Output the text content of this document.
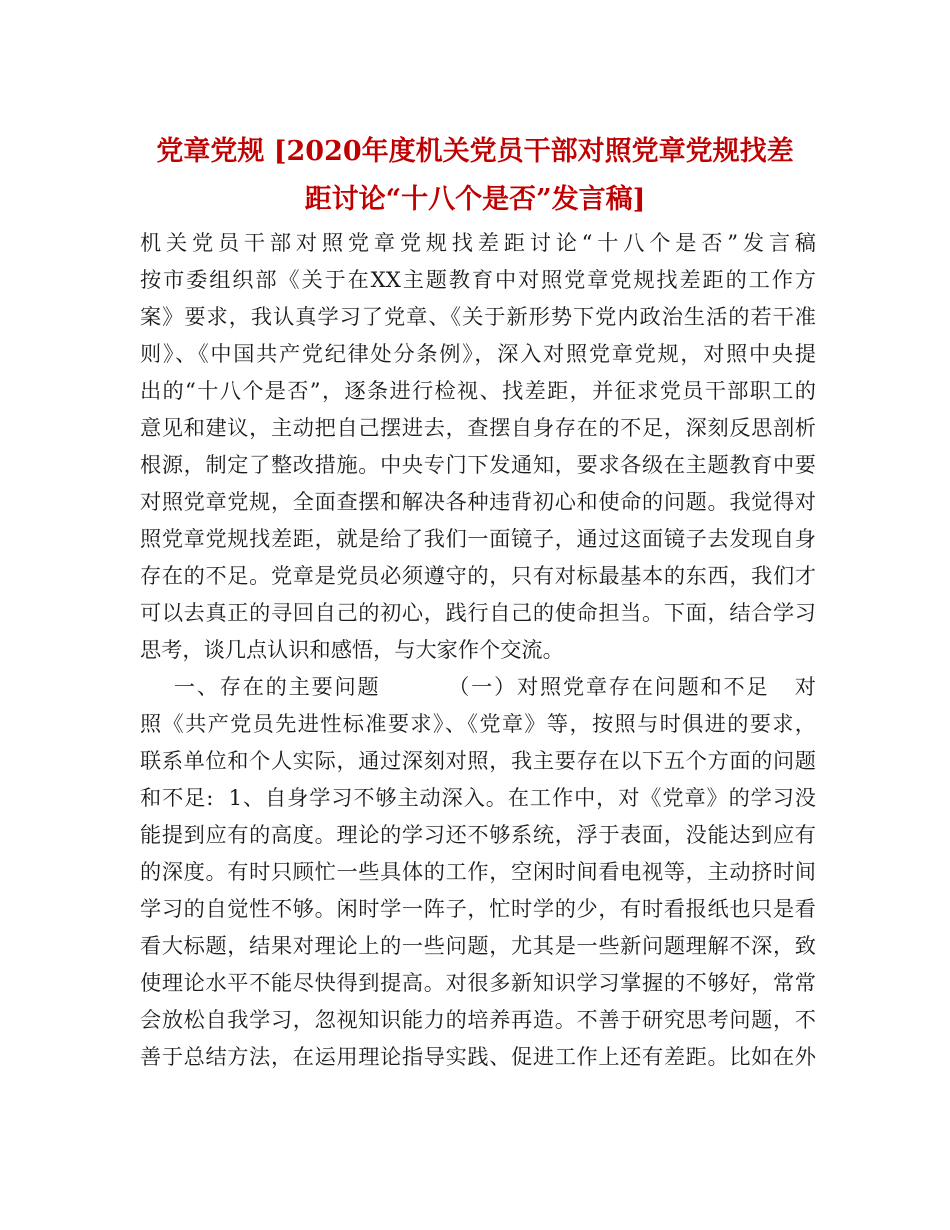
党章党规 [2020年度机关党员干部对照党章党规找差
距讨论“十八个是否”发言稿]
机关党员干部对照党章党规找差距讨论“十八个是否”发言稿
按市委组织部《关于在XX主题教育中对照党章党规找差距的工作方
案》要求，我认真学习了党章、《关于新形势下党内政治生活的若干准
则》、《中国共产党纪律处分条例》，深入对照党章党规，对照中央提
出的“十八个是否”，逐条进行检视、找差距，并征求党员干部职工的
意见和建议，主动把自己摆进去，查摆自身存在的不足，深刻反思剖析
根源，制定了整改措施。中央专门下发通知，要求各级在主题教育中要
对照党章党规，全面查摆和解决各种违背初心和使命的问题。我觉得对
照党章党规找差距，就是给了我们一面镜子，通过这面镜子去发现自身
存在的不足。党章是党员必须遵守的，只有对标最基本的东西，我们才
可以去真正的寻回自己的初心，践行自己的使命担当。下面，结合学习
思考，谈几点认识和感悟，与大家作个交流。
一、存在的主要问题        （一）对照党章存在问题和不足   对
照《共产党员先进性标准要求》、《党章》等，按照与时俱进的要求，
联系单位和个人实际，通过深刻对照，我主要存在以下五个方面的问题
和不足:  1、自身学习不够主动深入。在工作中，对《党章》的学习没
能提到应有的高度。理论的学习还不够系统，浮于表面，没能达到应有
的深度。有时只顾忙一些具体的工作，空闲时间看电视等，主动挤时间
学习的自觉性不够。闲时学一阵子，忙时学的少，有时看报纸也只是看
看大标题，结果对理论上的一些问题，尤其是一些新问题理解不深，致
使理论水平不能尽快得到提高。对很多新知识学习掌握的不够好，常常
会放松自我学习，忽视知识能力的培养再造。不善于研究思考问题，不
善于总结方法，在运用理论指导实践、促进工作上还有差距。比如在外
